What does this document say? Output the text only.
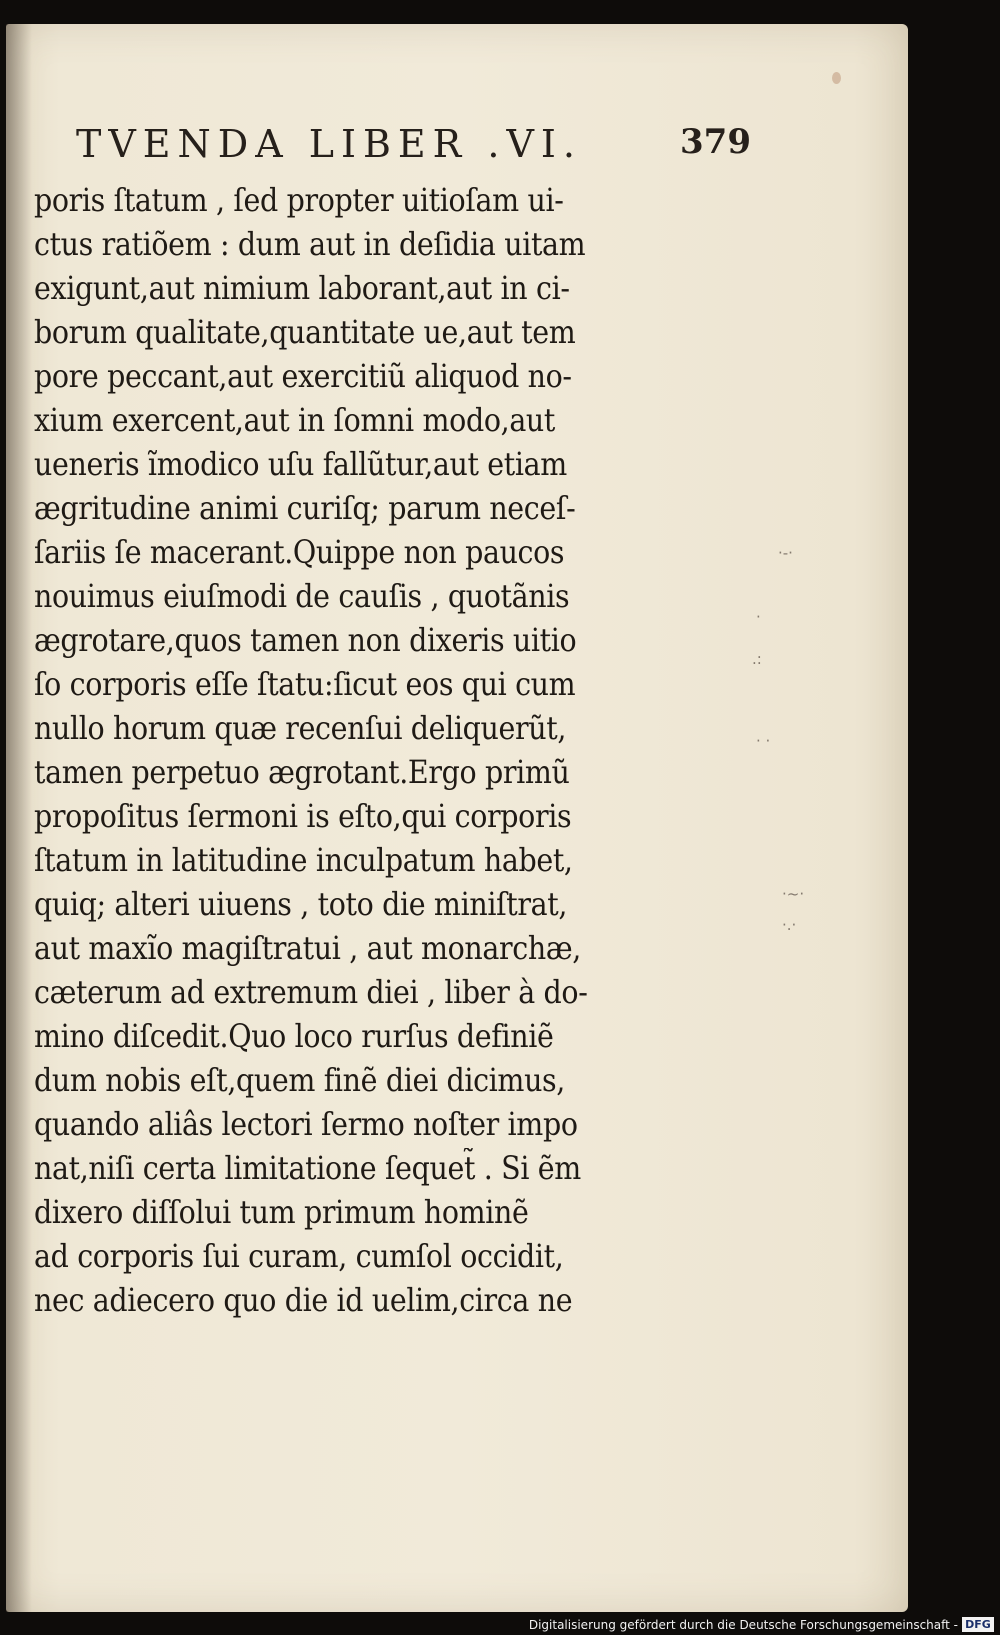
TVENDA LIBER .VI.	379
poris ſtatum , ſed propter uitioſam ui-
ctus ratiõem : dum aut in deſidia uitam
exigunt,aut nimium laborant,aut in ci-
borum qualitate,quantitate ue,aut tem
pore peccant,aut exercitiũ aliquod no-
xium exercent,aut in ſomni modo,aut
ueneris ĩmodico uſu fallũtur,aut etiam
ægritudine animi curiſq; parum neceſ-
ſariis ſe macerant.Quippe non paucos
nouimus eiuſmodi de cauſis , quotãnis
ægrotare,quos tamen non dixeris uitio
ſo corporis eſſe ſtatu:ſicut eos qui cum
nullo horum quæ recenſui deliquerũt,
tamen perpetuo ægrotant.Ergo primũ
propoſitus ſermoni is eſto,qui corporis
ſtatum in latitudine inculpatum habet,
quiq; alteri uiuens , toto die miniſtrat,
aut maxĩo magiſtratui , aut monarchæ,
cæterum ad extremum diei , liber à do-
mino diſcedit.Quo loco rurſus definiẽ
dum nobis eſt,quem finẽ diei dicimus,
quando aliâs lectori ſermo noſter impo
nat,niſi certa limitatione ſequet̃ . Si ẽm
dixero diſſolui tum primum hominẽ
ad corporis ſui curam, cumſol occidit,
nec adiecero quo die id uelim,circa ne
·-·
·
.:
· ·
·~·
·.·
Digitalisierung gefördert durch die Deutsche Forschungsgemeinschaft - DFG
